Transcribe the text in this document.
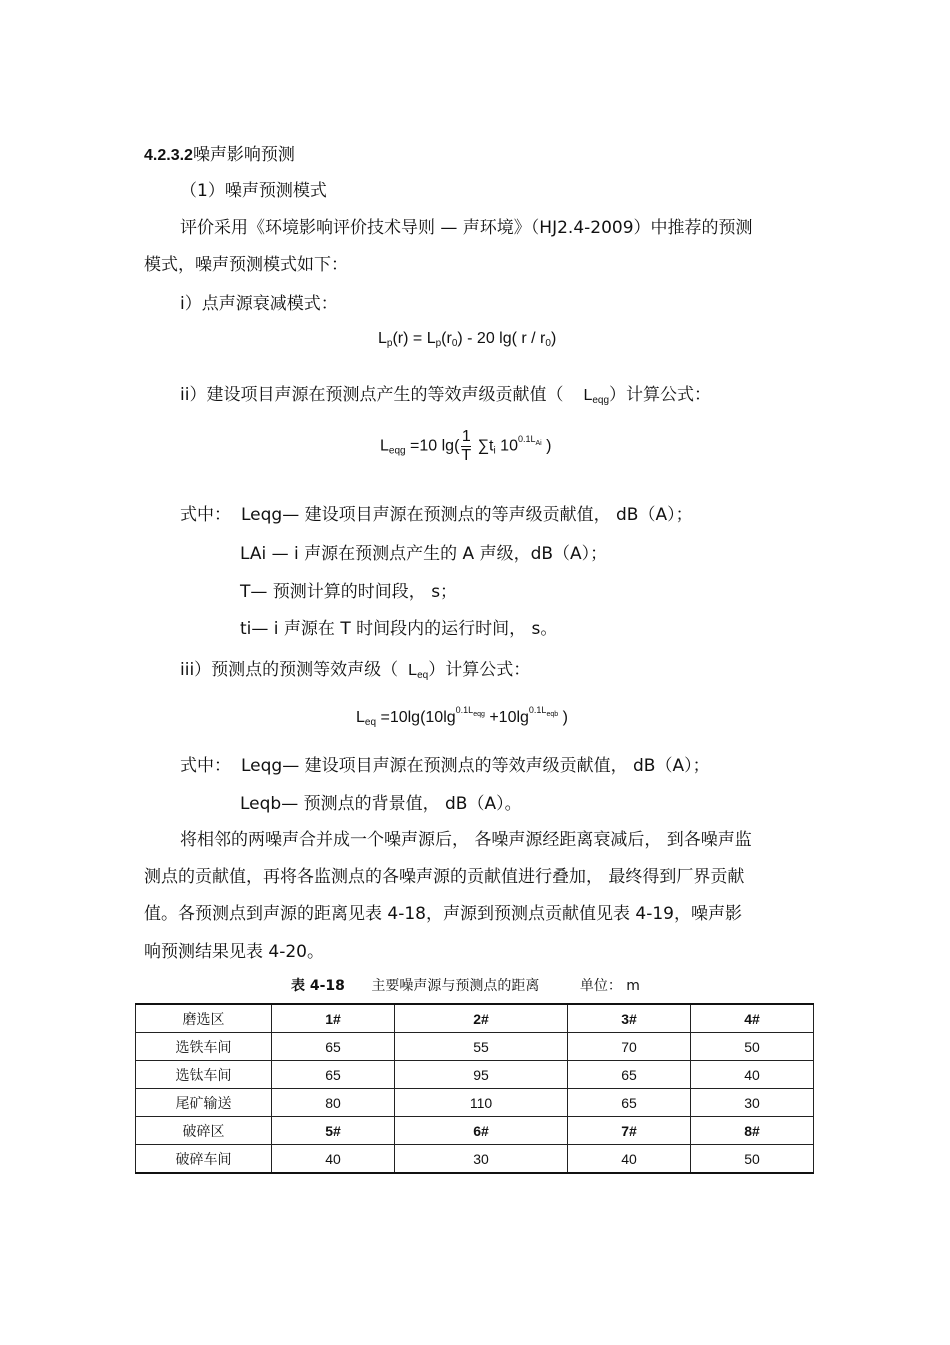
4.2.3.2噪声影响预测
（1）噪声预测模式
评价采用《环境影响评价技术导则 — 声环境》（HJ2.4-2009）中推荐的预测
模式，噪声预测模式如下：
i）点声源衰减模式：
$L_p(r) = L_p(r_0) - 20$ lg( r / $r_0$)
ii）建设项目声源在预测点产生的等效声级贡献值（ $L_{eqg}$）计算公式：
$L_{eqg} =10$ $\lg( \frac{1}{T} \sum t_i$ $10^{0.1L_{Ai}}$ )
式中： Leqg— 建设项目声源在预测点的等声级贡献值， dB（A）；
LAi — i 声源在预测点产生的 A 声级，dB（A）；
T— 预测计算的时间段， s；
ti— i 声源在 T 时间段内的运行时间， s。
iii）预测点的预测等效声级（ $L_{eq}$）计算公式：
$L_{eq} =10\lg(10\lg^{0.1L_{eqg}} +10\lg^{0.1L_{eqb}}$ )
式中： Leqg— 建设项目声源在预测点的等效声级贡献值， dB（A）；
Leqb— 预测点的背景值， dB（A）。
将相邻的两噪声合并成一个噪声源后， 各噪声源经距离衰减后， 到各噪声监
测点的贡献值，再将各监测点的各噪声源的贡献值进行叠加， 最终得到厂界贡献
值。各预测点到声源的距离见表 4-18，声源到预测点贡献值见表 4-19，噪声影
响预测结果见表 4-20。
表 4-18 主要噪声源与预测点的距离	单位： m
磨选区	1#	2#	3#	4#
选铁车间	65	55	70	50
选钛车间	65	95	65	40
尾矿输送	80	110	65	30
破碎区	5#	6#	7#	8#
破碎车间	40	30	40	50
